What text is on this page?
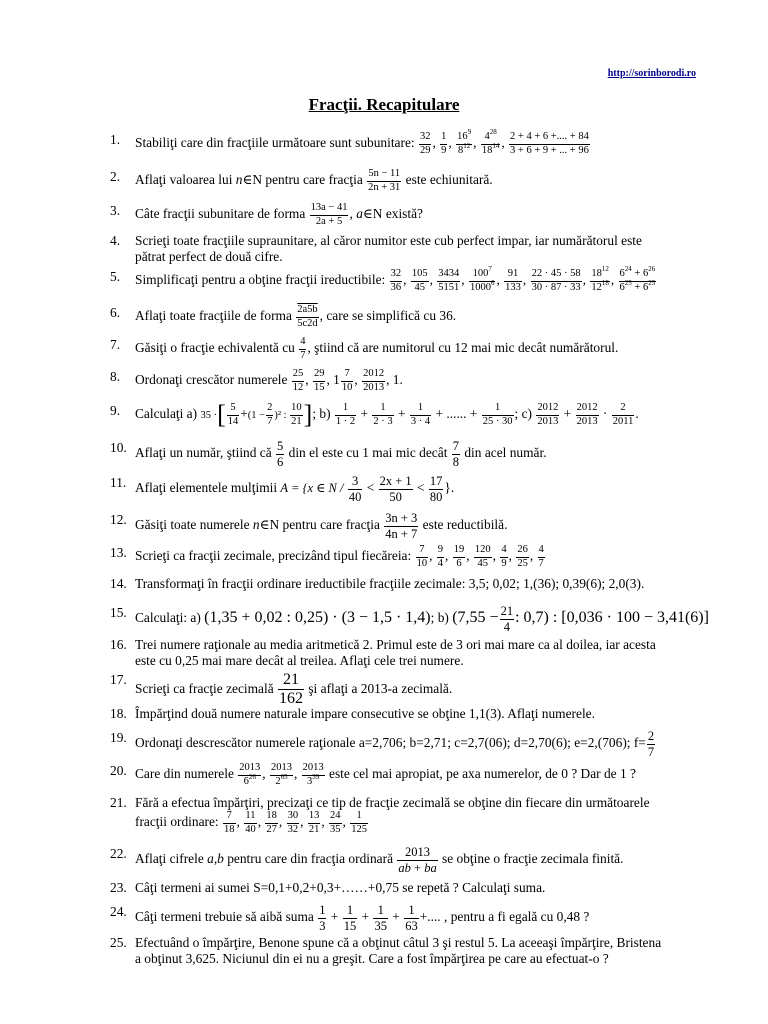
http://sorinborodi.ro
Fracţii. Recapitulare
1. Stabiliţi care din fracţiile următoare sunt subunitare: $\frac{32}{29}$ , $\frac{1}{9}$ , $\frac{16^9}{8^{12}}$ , $\frac{4^{28}}{18^{14}}$ , $\frac{2 + 4 + 6 +.... + 84}{3 + 6 + 9 + ... + 96}$
2. Aflaţi valoarea lui n∈N pentru care fracţia $\frac{5n - 11}{2n + 31}$ este echiunitară.
3. Câte fracţii subunitare de forma $\frac{13a - 41}{2a + 5}$ , a∈N există?
4. Scrieţi toate fracţiile supraunitare, al căror numitor este cub perfect impar, iar numărătorul este
pătrat perfect de două cifre.
5. Simplificaţi pentru a obţine fracţii ireductibile: $\frac{32}{36}$ , $\frac{105}{45}$ , $\frac{3434}{5151}$ , $\frac{100^7}{1000^6}$ , $\frac{91}{133}$ , $\frac{22 \cdot 45 \cdot 58}{30 \cdot 87 \cdot 33}$ , $\frac{18^{12}}{12^{18}}$ , $\frac{6^{24} + 6^{26}}{6^{25} + 6^{25}}$
6. Aflaţi toate fracţiile de forma $\frac{2a5b}{5c2d}$ , care se simplifică cu 36.
7. Găsiţi o fracţie echivalentă cu $\frac{4}{7}$ , ştiind că are numitorul cu 12 mai mic decât numărătorul.
8. Ordonaţi crescător numerele $\frac{25}{12}$ , $\frac{29}{15}$ , $1 \frac{7}{10}$ , $\frac{2012}{2013}$ , 1.
9. Calculaţi a) 35 ·[ $\frac{5}{14} +(1 - \frac{2}{7} )^2$ : $\frac{10}{21}$ ]; $b) \frac{1}{1 \cdot 2} + \frac{1}{2 \cdot 3} + \frac{1}{3 \cdot 4}$ + ...... + $\frac{1}{25 \cdot 30}$ ; $c) \frac{2012}{2013} + \frac{2012}{2013} \cdot \frac{2}{2011}$ .
10. Aflaţi un număr, ştiind că $\frac{5}{6}$ din el este cu 1 mai mic decât $\frac{7}{8}$ din acel număr.
11. Aflaţi elementele mulţimii A = {x ∈ $N / \frac{3}{40} < \frac{2x + 1}{50} < \frac{17}{80}$ }.
12. Găsiţi toate numerele n∈N pentru care fracţia $\frac{3n + 3}{4n + 7}$ este reductibilă.
13. Scrieţi ca fracţii zecimale, precizând tipul fiecăreia: $\frac{7}{10}$ , $\frac{9}{4}$ , $\frac{19}{6}$ , $\frac{120}{45}$ , $\frac{4}{9}$ , $\frac{26}{25}$ , $\frac{4}{7}$
14. Transformaţi în fracţii ordinare ireductibile fracţiile zecimale: 3,5; 0,02; 1,(36); 0,39(6); 2,0(3).
15. Calculaţi: a) (1,35 + 0,02 : 0,25) · (3 − 1,5 · 1,4); b) ($7,55 - \frac{21}{4}$ : 0,7) : [0,036 · 100 − 3,41(6)]
16. Trei numere raţionale au media aritmetică 2. Primul este de 3 ori mai mare ca al doilea, iar acesta
este cu 0,25 mai mare decât al treilea. Aflaţi cele trei numere.
17.
Scrieţi ca fracţie zecimală $\frac{21}{162}$ şi aflaţi a 2013-a zecimală.
18. Împărţind două numere naturale impare consecutive se obţine 1,1(3). Aflaţi numerele.
19. Ordonaţi descrescător numerele raţionale a=2,706; b=2,71; c=2,7(06); d=2,70(6); e=2,(706); $f= \frac{2}{7}$
20. Care din numerele $\frac{2013}{6^{26}}$ , $\frac{2013}{2^{65}}$ , $\frac{2013}{3^{39}}$ este cel mai apropiat, pe axa numerelor, de 0 ? Dar de 1 ?
21. Fără a efectua împărţiri, precizaţi ce tip de fracţie zecimală se obţine din fiecare din următoarele
fracţii ordinare: $\frac{7}{18}$ , $\frac{11}{40}$ , $\frac{18}{27}$ , $\frac{30}{32}$ , $\frac{13}{21}$ , $\frac{24}{35}$ , $\frac{1}{125}$
22. Aflaţi cifrele a,b pentru care din fracţia ordinară $\frac{2013}{\overline{ab} + \overline{ba}}$ se obţine o fracţie zecimala finită.
23. Câţi termeni ai sumei S=0,1+0,2+0,3+……+0,75 se repetă ? Calculaţi suma.
24. Câţi termeni trebuie să aibă suma $\frac{1}{3} + \frac{1}{15} + \frac{1}{35} + \frac{1}{63}$ +.... , pentru a fi egală cu 0,48 ?
25. Efectuând o împărţire, Benone spune că a obţinut câtul 3 şi restul 5. La aceeaşi împărţire, Bristena
a obţinut 3,625. Niciunul din ei nu a greşit. Care a fost împărţirea pe care au efectuat-o ?
